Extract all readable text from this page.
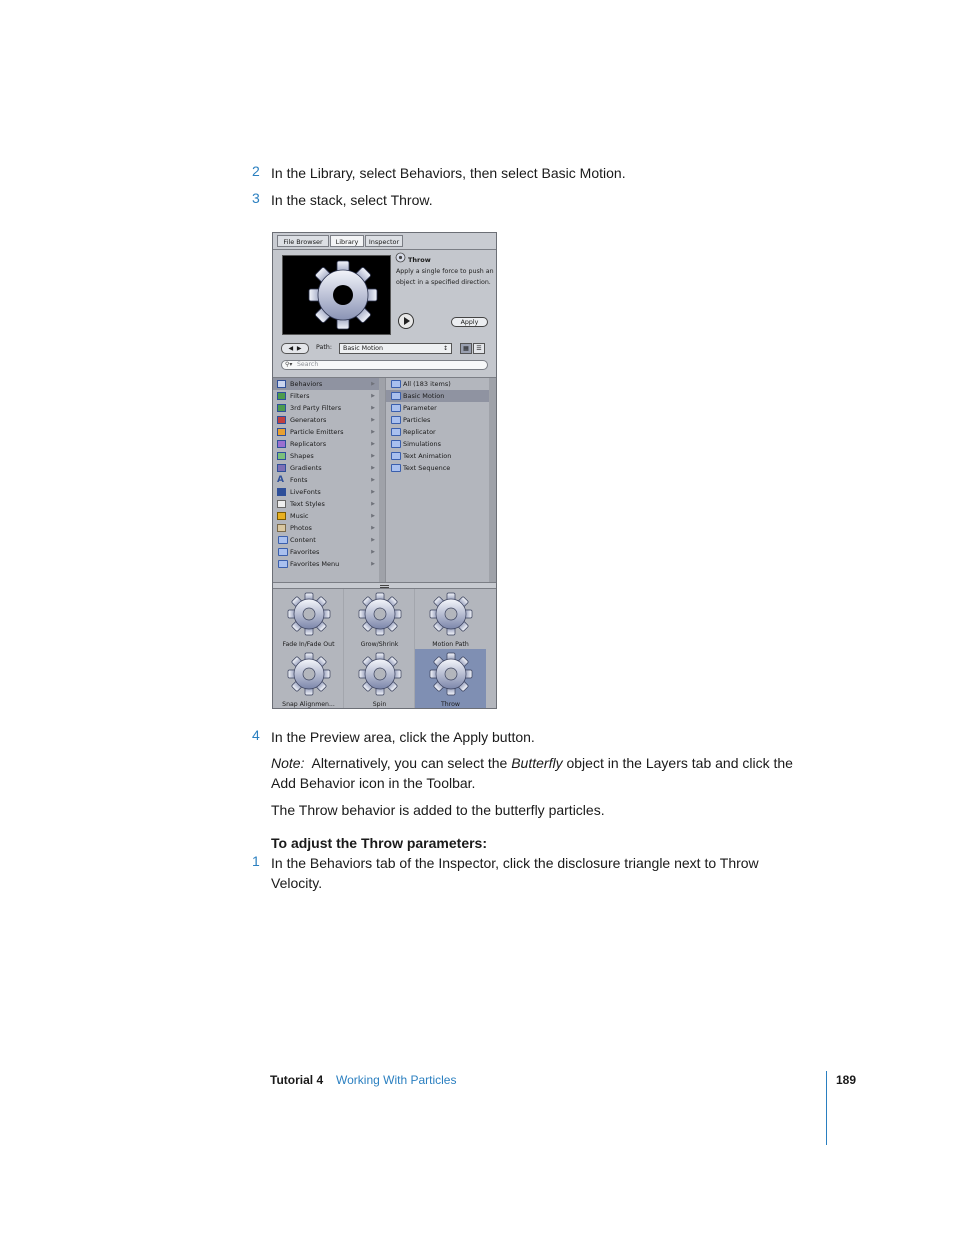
2 In the Library, select Behaviors, then select Basic Motion.
3 In the stack, select Throw.
File Browser	Library	Inspector
Throw
Apply a single force to push an object in a specified direction.
Apply
◀  ▶	Path:	Basic Motion ↕	▦	☰
⚲▾ Search
Behaviors	▶
Filters	▶
3rd Party Filters	▶
Generators	▶
Particle Emitters	▶
Replicators	▶
Shapes	▶
Gradients	▶
A Fonts	▶
LiveFonts	▶
Text Styles	▶
Music	▶
Photos	▶
Content	▶
Favorites	▶
Favorites Menu	▶
All (183 items)
Basic Motion
Parameter
Particles
Replicator
Simulations
Text Animation
Text Sequence
Fade In/Fade Out	Grow/Shrink	Motion Path
Snap Alignmen...	Spin	Throw
4 In the Preview area, click the Apply button.
Note: Alternatively, you can select the Butterfly object in the Layers tab and click the Add Behavior icon in the Toolbar.
The Throw behavior is added to the butterfly particles.
To adjust the Throw parameters:
1 In the Behaviors tab of the Inspector, click the disclosure triangle next to Throw Velocity.
Tutorial 4 Working With Particles	189
